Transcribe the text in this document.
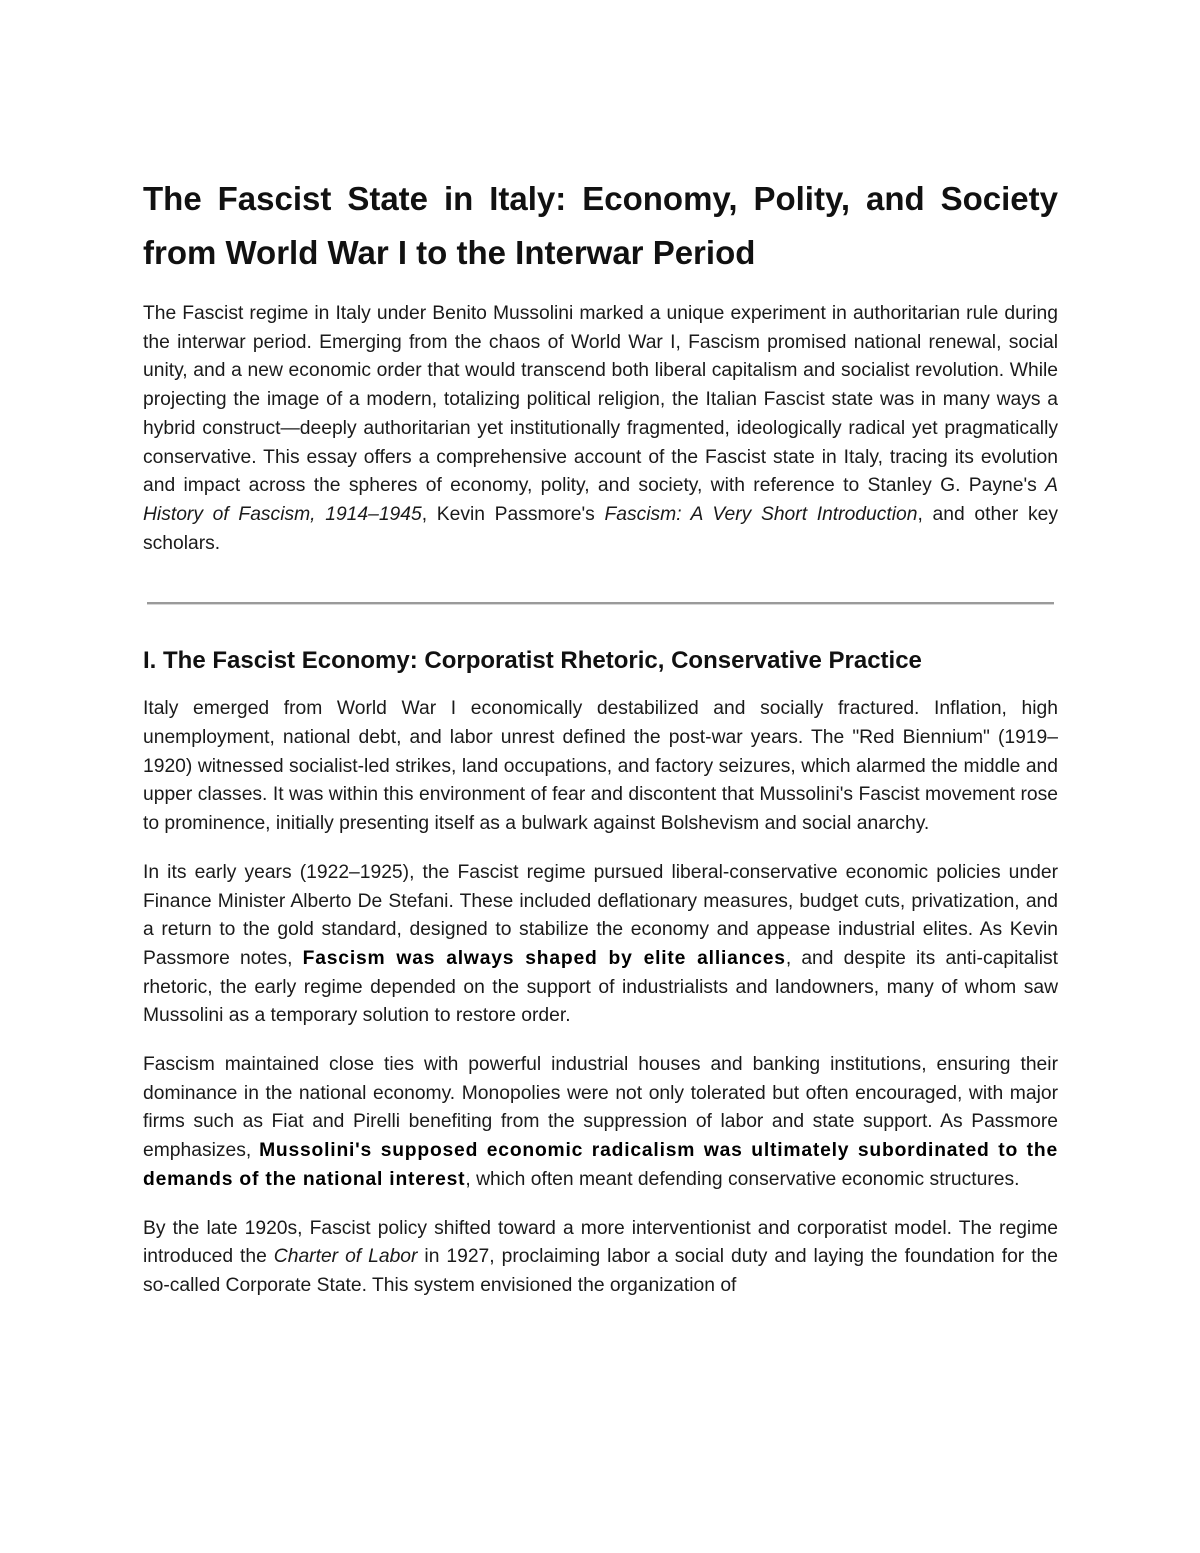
The Fascist State in Italy: Economy, Polity, and Society from World War I to the Interwar Period

The Fascist regime in Italy under Benito Mussolini marked a unique experiment in authoritarian rule during the interwar period. Emerging from the chaos of World War I, Fascism promised national renewal, social unity, and a new economic order that would transcend both liberal capitalism and socialist revolution. While projecting the image of a modern, totalizing political religion, the Italian Fascist state was in many ways a hybrid construct—deeply authoritarian yet institutionally fragmented, ideologically radical yet pragmatically conservative. This essay offers a comprehensive account of the Fascist state in Italy, tracing its evolution and impact across the spheres of economy, polity, and society, with reference to Stanley G. Payne's A History of Fascism, 1914–1945, Kevin Passmore's Fascism: A Very Short Introduction, and other key scholars.

I. The Fascist Economy: Corporatist Rhetoric, Conservative Practice

Italy emerged from World War I economically destabilized and socially fractured. Inflation, high unemployment, national debt, and labor unrest defined the post-war years. The "Red Biennium" (1919–1920) witnessed socialist-led strikes, land occupations, and factory seizures, which alarmed the middle and upper classes. It was within this environment of fear and discontent that Mussolini's Fascist movement rose to prominence, initially presenting itself as a bulwark against Bolshevism and social anarchy.

In its early years (1922–1925), the Fascist regime pursued liberal-conservative economic policies under Finance Minister Alberto De Stefani. These included deflationary measures, budget cuts, privatization, and a return to the gold standard, designed to stabilize the economy and appease industrial elites. As Kevin Passmore notes, Fascism was always shaped by elite alliances, and despite its anti-capitalist rhetoric, the early regime depended on the support of industrialists and landowners, many of whom saw Mussolini as a temporary solution to restore order.

Fascism maintained close ties with powerful industrial houses and banking institutions, ensuring their dominance in the national economy. Monopolies were not only tolerated but often encouraged, with major firms such as Fiat and Pirelli benefiting from the suppression of labor and state support. As Passmore emphasizes, Mussolini's supposed economic radicalism was ultimately subordinated to the demands of the national interest, which often meant defending conservative economic structures.

By the late 1920s, Fascist policy shifted toward a more interventionist and corporatist model. The regime introduced the Charter of Labor in 1927, proclaiming labor a social duty and laying the foundation for the so-called Corporate State. This system envisioned the organization of
